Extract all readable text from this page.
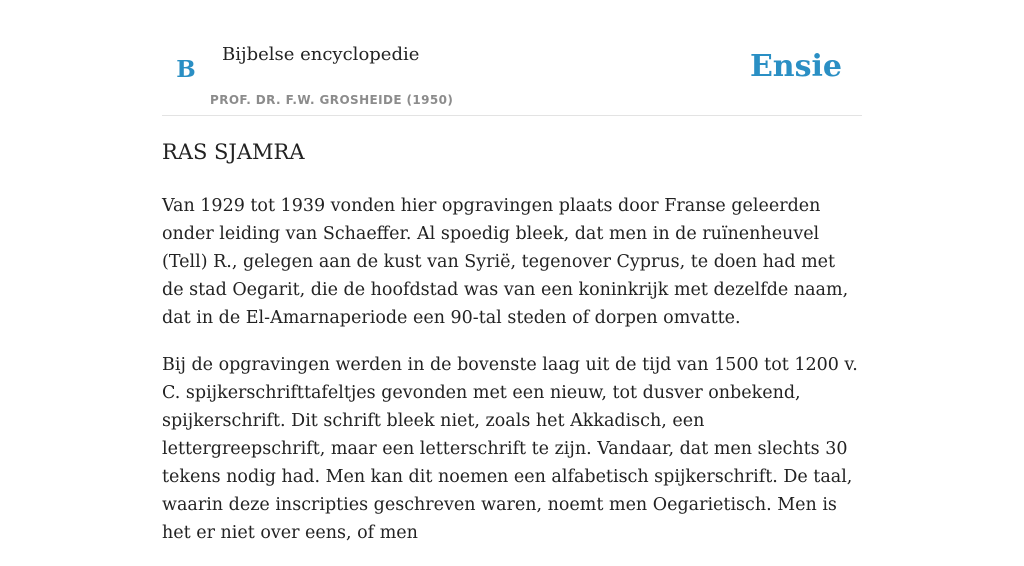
B
Bijbelse encyclopedie
PROF. DR. F.W. GROSHEIDE (1950)
Ensie
RAS SJAMRA

Van 1929 tot 1939 vonden hier opgravingen plaats door Franse geleerden onder leiding van Schaeffer. Al spoedig bleek, dat men in de ruïnenheuvel (Tell) R., gelegen aan de kust van Syrië, tegenover Cyprus, te doen had met de stad Oegarit, die de hoofdstad was van een koninkrijk met dezelfde naam, dat in de El-Amarnaperiode een 90-tal steden of dorpen omvatte.

Bij de opgravingen werden in de bovenste laag uit de tijd van 1500 tot 1200 v. C. spijkerschrifttafeltjes gevonden met een nieuw, tot dusver onbekend, spijkerschrift. Dit schrift bleek niet, zoals het Akkadisch, een lettergreepschrift, maar een letterschrift te zijn. Vandaar, dat men slechts 30 tekens nodig had. Men kan dit noemen een alfabetisch spijkerschrift. De taal, waarin deze inscripties geschreven waren, noemt men Oegarietisch. Men is het er niet over eens, of men
